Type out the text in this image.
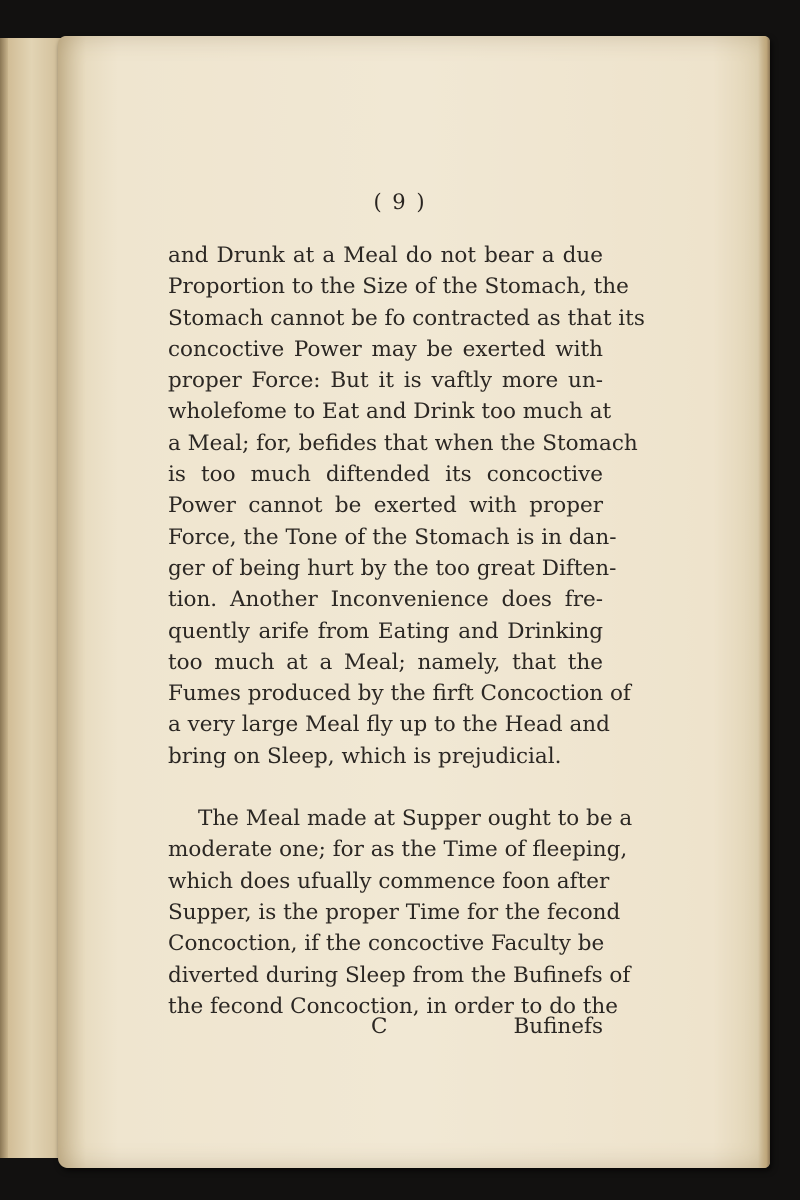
( 9 )

and Drunk at a Meal do not bear a due
Proportion to the Size of the Stomach, the
Stomach cannot be fo contracted as that its
concoctive Power may be exerted with
proper Force: But it is vaftly more un-
wholefome to Eat and Drink too much at
a Meal; for, befides that when the Stomach
is too much diftended its concoctive
Power cannot be exerted with proper
Force, the Tone of the Stomach is in dan-
ger of being hurt by the too great Diften-
tion. Another Inconvenience does fre-
quently arife from Eating and Drinking
too much at a Meal; namely, that the
Fumes produced by the firft Concoction of
a very large Meal fly up to the Head and
bring on Sleep, which is prejudicial.

The Meal made at Supper ought to be a
moderate one; for as the Time of fleeping,
which does ufually commence foon after
Supper, is the proper Time for the fecond
Concoction, if the concoctive Faculty be
diverted during Sleep from the Bufinefs of
the fecond Concoction, in order to do the

C	Bufinefs
